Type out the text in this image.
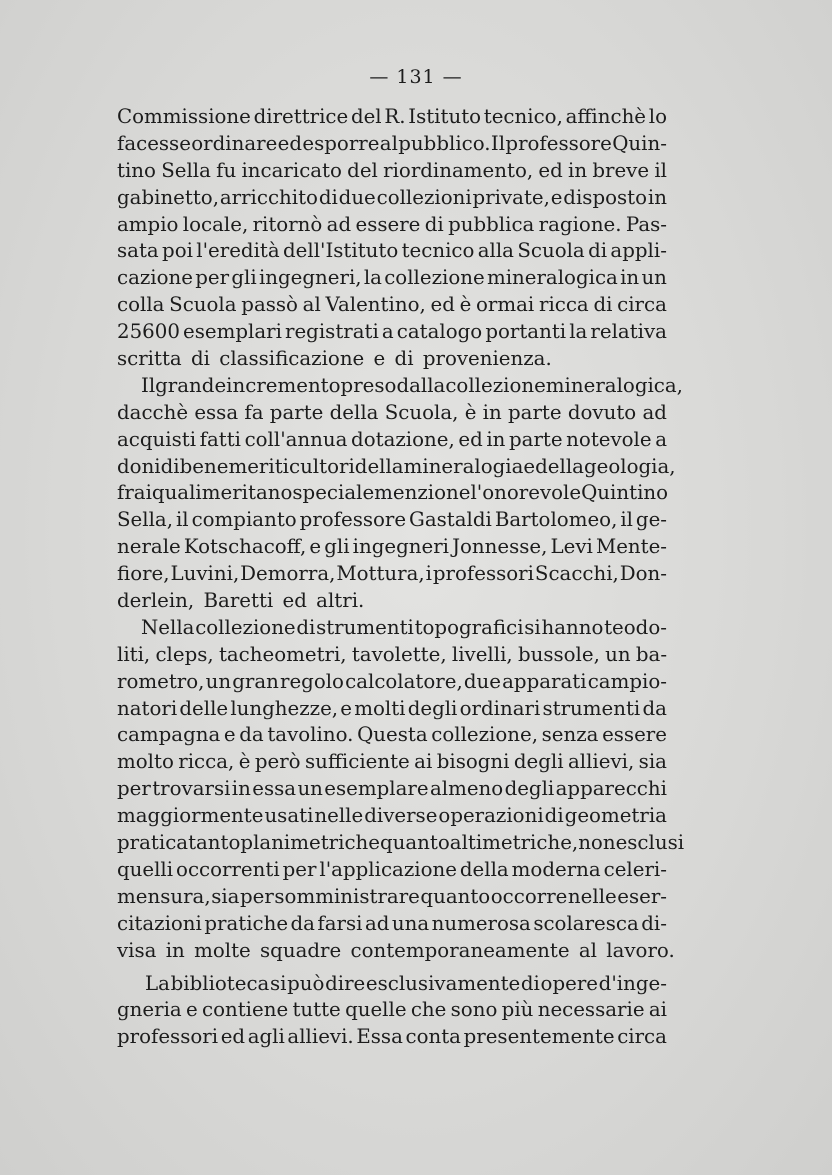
— 131 —
Commissione direttrice del R. Istituto tecnico, affinchè lo
facesse ordinare ed esporre al pubblico. Il professore Quin-
tino Sella fu incaricato del riordinamento, ed in breve il
gabinetto, arricchito di due collezioni private, e disposto in
ampio locale, ritornò ad essere di pubblica ragione. Pas-
sata poi l'eredità dell'Istituto tecnico alla Scuola di appli-
cazione per gli ingegneri, la collezione mineralogica in un
colla Scuola passò al Valentino, ed è ormai ricca di circa
25600 esemplari registrati a catalogo portanti la relativa
scritta di classificazione e di provenienza.
Il grande incremento preso dalla collezione mineralogica,
dacchè essa fa parte della Scuola, è in parte dovuto ad
acquisti fatti coll'annua dotazione, ed in parte notevole a
doni di benemeriti cultori della mineralogia e della geologia,
fra i quali meritano speciale menzione l'onorevole Quintino
Sella, il compianto professore Gastaldi Bartolomeo, il ge-
nerale Kotschacoff, e gli ingegneri Jonnesse, Levi Mente-
fiore, Luvini, Demorra, Mottura, i professori Scacchi, Don-
derlein, Baretti ed altri.
Nella collezione di strumenti topografici si hanno teodo-
liti, cleps, tacheometri, tavolette, livelli, bussole, un ba-
rometro, un gran regolo calcolatore, due apparati campio-
natori delle lunghezze, e molti degli ordinari strumenti da
campagna e da tavolino. Questa collezione, senza essere
molto ricca, è però sufficiente ai bisogni degli allievi, sia
per trovarsi in essa un esemplare almeno degli apparecchi
maggiormente usati nelle diverse operazioni di geometria
pratica tanto planimetriche quanto altimetriche, non esclusi
quelli occorrenti per l'applicazione della moderna celeri-
mensura, sia per somministrare quanto occorre nelle eser-
citazioni pratiche da farsi ad una numerosa scolaresca di-
visa in molte squadre contemporaneamente al lavoro.
La biblioteca si può dire esclusivamente di opere d'inge-
gneria e contiene tutte quelle che sono più necessarie ai
professori ed agli allievi. Essa conta presentemente circa
